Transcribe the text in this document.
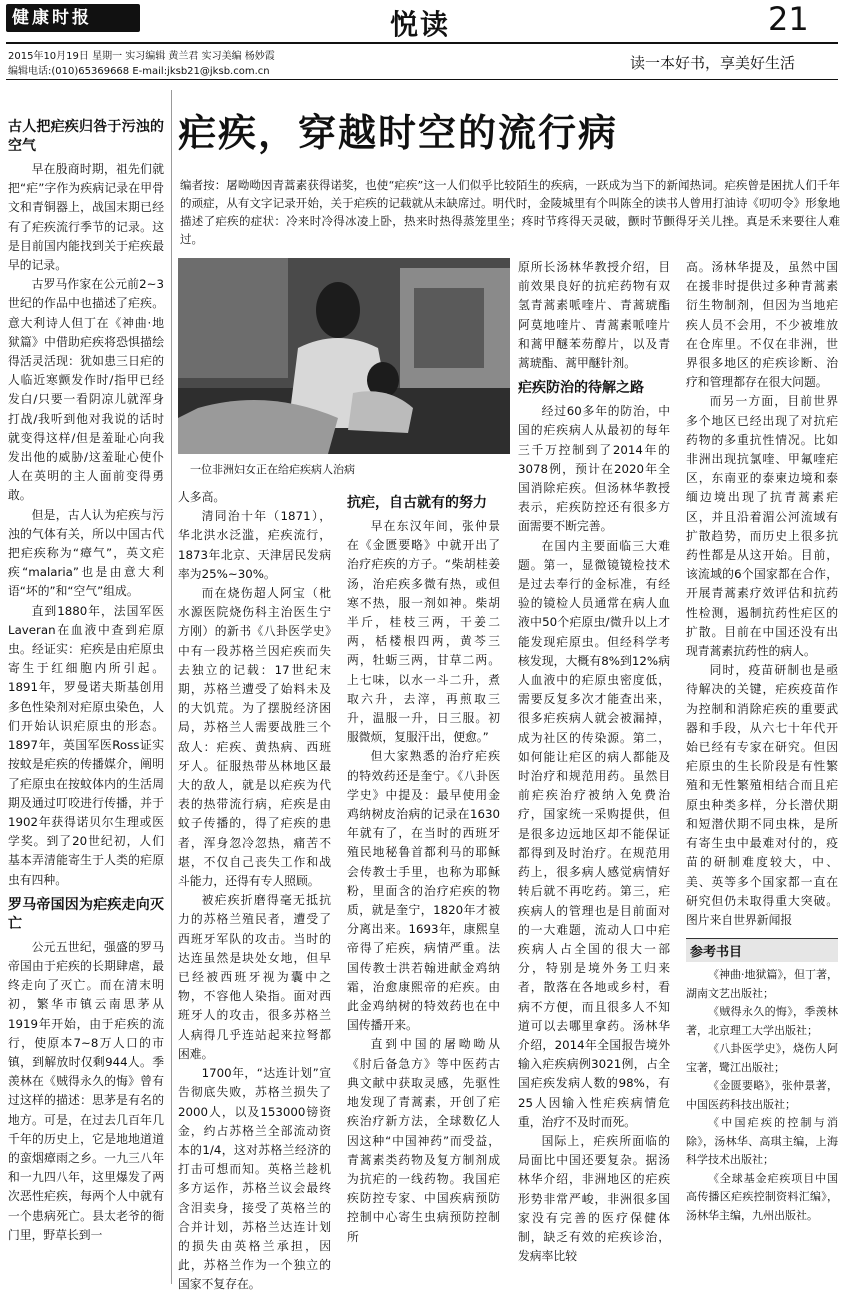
健康时报	悦读	21
2015年10月19日 星期一 实习编辑 黄兰君 实习美编 杨妙霞
编辑电话:(010)65369668 E-mail:jksb21@jksb.com.cn	读一本好书，享美好生活
疟疾，穿越时空的流行病
编者按：屠呦呦因青蒿素获得诺奖，也使“疟疾”这一人们似乎比较陌生的疾病，一跃成为当下的新闻热词。疟疾曾是困扰人们千年的顽症，从有文字记录开始，关于疟疾的记载就从未缺席过。明代时，金陵城里有个叫陈全的读书人曾用打油诗《叨叨令》形象地描述了疟疾的症状：冷来时冷得冰凌上卧，热来时热得蒸笼里坐；疼时节疼得天灵破，颤时节颤得牙关儿挫。真是禾来要往人难过。
一位非洲妇女正在给疟疾病人治病
古人把疟疾归咎于污浊的空气

早在殷商时期，祖先们就把“疟”字作为疾病记录在甲骨文和青铜器上，战国末期已经有了疟疾流行季节的记录。这是目前国内能找到关于疟疾最早的记录。

古罗马作家在公元前2~3世纪的作品中也描述了疟疾。意大利诗人但丁在《神曲·地狱篇》中借助疟疾将恐惧描绘得活灵活现：犹如患三日疟的人临近寒颤发作时/指甲已经发白/只要一看阴凉儿就浑身打战/我听到他对我说的话时就变得这样/但是羞耻心向我发出他的威胁/这羞耻心使仆人在英明的主人面前变得勇敢。

但是，古人认为疟疾与污浊的气体有关，所以中国古代把疟疾称为“瘴气”，英文疟疾“malaria”也是由意大利语“坏的”和“空气”组成。

直到1880年，法国军医Laveran在血液中查到疟原虫。经证实：疟疾是由疟原虫寄生于红细胞内所引起。1891年，罗曼诺夫斯基创用多色性染剂对疟原虫染色，人们开始认识疟原虫的形态。1897年，英国军医Ross证实按蚊是疟疾的传播媒介，阐明了疟原虫在按蚊体内的生活周期及通过叮咬进行传播，并于1902年获得诺贝尔生理或医学奖。到了20世纪初，人们基本弄清能寄生于人类的疟原虫有四种。

罗马帝国因为疟疾走向灭亡

公元五世纪，强盛的罗马帝国由于疟疾的长期肆虐，最终走向了灭亡。而在清末明初，繁华市镇云南思茅从1919年开始，由于疟疾的流行，使原本7~8万人口的市镇，到解放时仅剩944人。季羡林在《贼得永久的悔》曾有过这样的描述：思茅是有名的地方。可是，在过去几百年几千年的历史上，它是地地道道的蛮烟瘴雨之乡。一九三八年和一九四八年，这里爆发了两次恶性疟疾，每两个人中就有一个患病死亡。县太老爷的衙门里，野草长到一

人多高。

清同治十年（1871），华北洪水泛滥，疟疾流行，1873年北京、天津居民发病率为25%~30%。

而在烧伤超人阿宝（枇水源医院烧伤科主治医生宁方刚）的新书《八卦医学史》中有一段苏格兰因疟疾而失去独立的记载：17世纪末期，苏格兰遭受了始料未及的大饥荒。为了摆脱经济困局，苏格兰人需要战胜三个敌人：疟疾、黄热病、西班牙人。征服热带丛林地区最大的敌人，就是以疟疾为代表的热带流行病，疟疾是由蚊子传播的，得了疟疾的患者，浑身忽冷忽热，痛苦不堪，不仅自己丧失工作和战斗能力，还得有专人照顾。

被疟疾折磨得毫无抵抗力的苏格兰殖民者，遭受了西班牙军队的攻击。当时的达连虽然是块处女地，但早已经被西班牙视为囊中之物，不容他人染指。面对西班牙人的攻击，很多苏格兰人病得几乎连站起来拉弩都困难。

1700年，“达连计划”宣告彻底失败，苏格兰损失了2000人，以及153000镑资金，约占苏格兰全部流动资本的1/4，这对苏格兰经济的打击可想而知。英格兰趁机多方运作，苏格兰议会最终含泪卖身，接受了英格兰的合并计划，苏格兰达连计划的损失由英格兰承担，因此，苏格兰作为一个独立的国家不复存在。

抗疟，自古就有的努力

早在东汉年间，张仲景在《金匮要略》中就开出了治疗疟疾的方子。“柴胡桂姜汤，治疟疾多微有热，或但寒不热，服一剂如神。柴胡半斤，桂枝三两，干姜二两，栝楼根四两，黄芩三两，牡蛎三两，甘草二两。上七味，以水一斗二升，煮取六升，去滓，再煎取三升，温服一升，日三服。初服微烦，复服汗出，便愈。”

但大家熟悉的治疗疟疾的特效药还是奎宁。《八卦医学史》中提及：最早使用金鸡纳树皮治病的记录在1630年就有了，在当时的西班牙殖民地秘鲁首都利马的耶稣会传教士手里，也称为耶稣粉，里面含的治疗疟疾的物质，就是奎宁，1820年才被分离出来。1693年，康熙皇帝得了疟疾，病情严重。法国传教士洪若翰进献金鸡纳霜，治愈康熙帝的疟疾。由此金鸡纳树的特效药也在中国传播开来。

直到中国的屠呦呦从《肘后备急方》等中医药古典文献中获取灵感，先驱性地发现了青蒿素，开创了疟疾治疗新方法，全球数亿人因这种“中国神药”而受益，青蒿素类药物及复方制剂成为抗疟的一线药物。我国疟疾防控专家、中国疾病预防控制中心寄生虫病预防控制所

原所长汤林华教授介绍，目前效果良好的抗疟药物有双氢青蒿素哌喹片、青蒿琥酯阿莫地喹片、青蒿素哌喹片和蒿甲醚苯芴醇片，以及青蒿琥酯、蒿甲醚针剂。

疟疾防治的待解之路

经过60多年的防治，中国的疟疾病人从最初的每年三千万控制到了2014年的3078例，预计在2020年全国消除疟疾。但汤林华教授表示，疟疾防控还有很多方面需要不断完善。

在国内主要面临三大难题。第一，显微镜镜检技术是过去奉行的金标准，有经验的镜检人员通常在病人血液中50个疟原虫/微升以上才能发现疟原虫。但经科学考核发现，大概有8%到12%病人血液中的疟原虫密度低，需要反复多次才能查出来，很多疟疾病人就会被漏掉，成为社区的传染源。第二，如何能让疟区的病人都能及时治疗和规范用药。虽然目前疟疾治疗被纳入免费治疗，国家统一采购提供，但是很多边远地区却不能保证都得到及时治疗。在规范用药上，很多病人感觉病情好转后就不再吃药。第三，疟疾病人的管理也是目前面对的一大难题，流动人口中疟疾病人占全国的很大一部分，特别是境外务工归来者，散落在各地或乡村，看病不方便，而且很多人不知道可以去哪里拿药。汤林华介绍，2014年全国报告境外输入疟疾病例3021例，占全国疟疾发病人数的98%，有25人因输入性疟疾病情危重，治疗不及时而死。

国际上，疟疾所面临的局面比中国还要复杂。据汤林华介绍，非洲地区的疟疾形势非常严峻，非洲很多国家没有完善的医疗保健体制，缺乏有效的疟疾诊治，发病率比较

高。汤林华提及，虽然中国在援非时提供过多种青蒿素衍生物制剂，但因为当地疟疾人员不会用，不少被堆放在仓库里。不仅在非洲，世界很多地区的疟疾诊断、治疗和管理都存在很大问题。

而另一方面，目前世界多个地区已经出现了对抗疟药物的多重抗性情况。比如非洲出现抗氯喹、甲氟喹疟区，东南亚的泰柬边境和泰缅边境出现了抗青蒿素疟区，并且沿着湄公河流域有扩散趋势，而历史上很多抗药性都是从这开始。目前，该流域的6个国家都在合作，开展青蒿素疗效评估和抗药性检测，遏制抗药性疟区的扩散。目前在中国还没有出现青蒿素抗药性的病人。

同时，疫苗研制也是亟待解决的关键，疟疾疫苗作为控制和消除疟疾的重要武器和手段，从六七十年代开始已经有专家在研究。但因疟原虫的生长阶段是有性繁殖和无性繁殖相结合而且疟原虫种类多样，分长潜伏期和短潜伏期不同虫株，是所有寄生虫中最难对付的，疫苗的研制难度较大，中、美、英等多个国家都一直在研究但仍未取得重大突破。图片来自世界新闻报

参考书目
《神曲·地狱篇》，但丁著，湖南文艺出版社；
《贼得永久的悔》，季羡林著，北京理工大学出版社；
《八卦医学史》，烧伤人阿宝著，鹭江出版社；
《金匮要略》，张仲景著，中国医药科技出版社；
《中国疟疾的控制与消除》，汤林华、高琪主编，上海科学技术出版社；
《全球基金疟疾项目中国高传播区疟疾控制资料汇编》，汤林华主编，九州出版社。
